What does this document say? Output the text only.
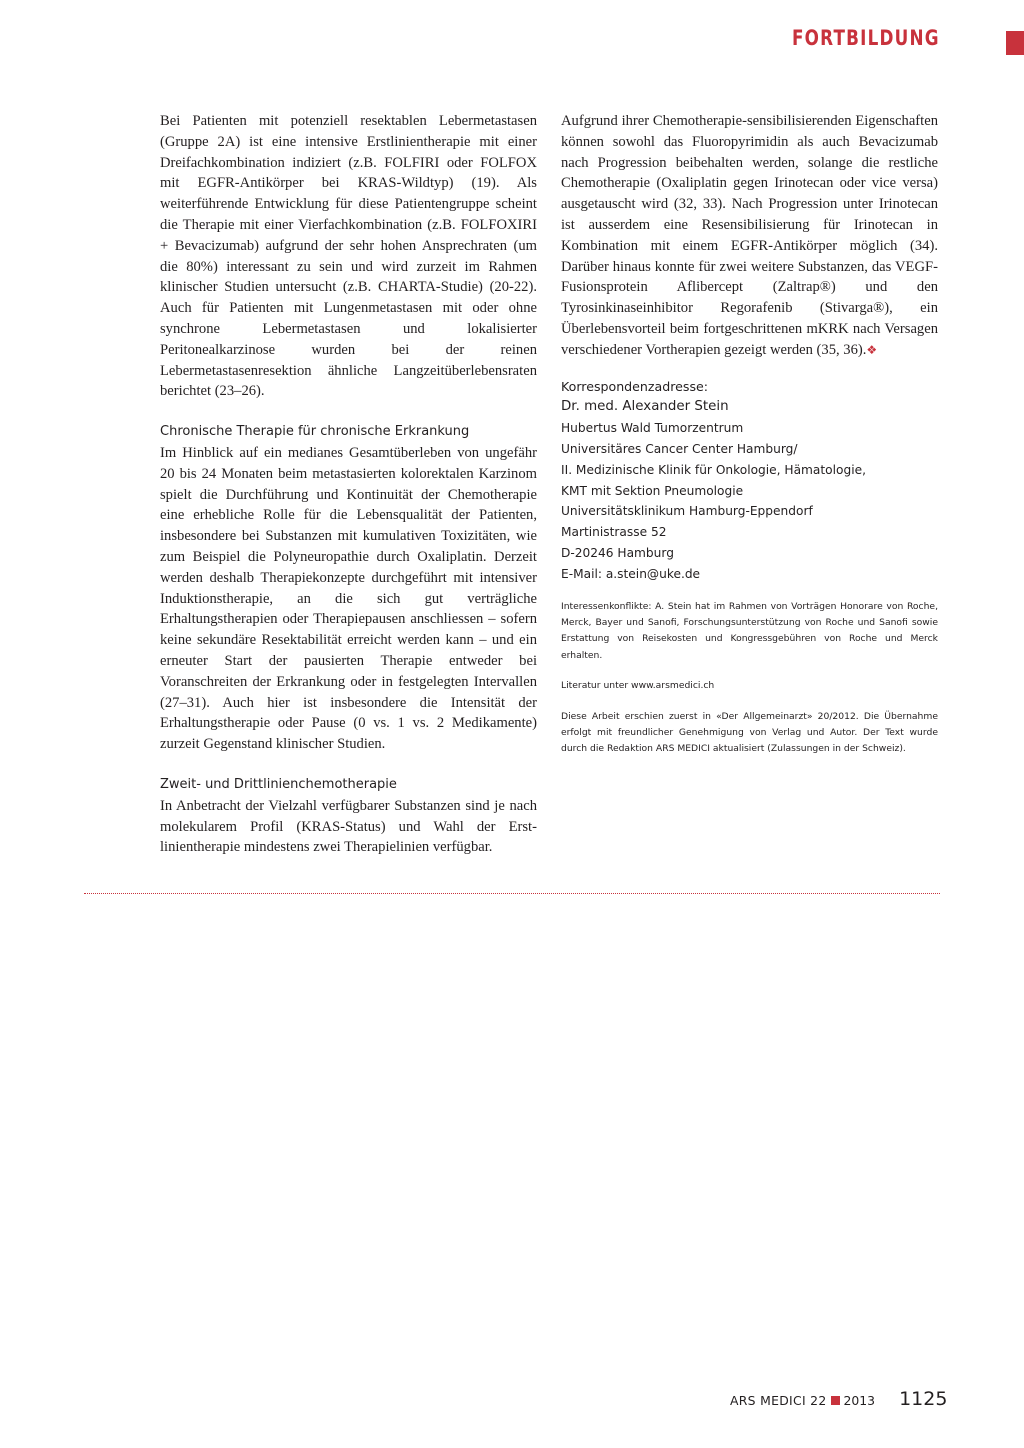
FORTBILDUNG

Bei Patienten mit potenziell resektablen Lebermetastasen (Gruppe 2A) ist eine intensive Erstlinientherapie mit einer Dreifachkombination indiziert (z.B. FOLFIRI oder FOLFOX mit EGFR-Antikörper bei KRAS-Wildtyp) (19). Als weiterführende Entwicklung für diese Patientengruppe scheint die Therapie mit einer Vierfachkombination (z.B. FOLFOXIRI + Bevacizumab) aufgrund der sehr hohen Ansprechraten (um die 80%) interessant zu sein und wird zurzeit im Rahmen klinischer Studien untersucht (z.B. CHARTA-Studie) (20-22). Auch für Patienten mit Lungenmetastasen mit oder ohne synchrone Lebermetastasen und lokalisierter Peritonealkarzinose wurden bei der reinen Lebermetastasenresektion ähnliche Langzeitüberlebensraten berichtet (23–26).

Chronische Therapie für chronische Erkrankung

Im Hinblick auf ein medianes Gesamtüberleben von ungefähr 20 bis 24 Monaten beim metastasierten kolorektalen Karzinom spielt die Durchführung und Kontinuität der Chemotherapie eine erhebliche Rolle für die Lebensqualität der Patienten, insbesondere bei Substanzen mit kumulativen Toxizitäten, wie zum Beispiel die Polyneuropathie durch Oxaliplatin. Derzeit werden deshalb Therapiekonzepte durchgeführt mit intensiver Induktionstherapie, an die sich gut verträgliche Erhaltungstherapien oder Therapiepausen anschliessen – sofern keine sekundäre Resektabilität erreicht werden kann – und ein erneuter Start der pausierten Therapie entweder bei Voranschreiten der Erkrankung oder in festgelegten Intervallen (27–31). Auch hier ist insbesondere die Intensität der Erhaltungstherapie oder Pause (0 vs. 1 vs. 2 Medikamente) zurzeit Gegenstand klinischer Studien.

Zweit- und Drittlinienchemotherapie

In Anbetracht der Vielzahl verfügbarer Substanzen sind je nach molekularem Profil (KRAS-Status) und Wahl der Erstlinientherapie mindestens zwei Therapielinien verfügbar.

Aufgrund ihrer Chemotherapie-sensibilisierenden Eigenschaften können sowohl das Fluoropyrimidin als auch Bevacizumab nach Progression beibehalten werden, solange die restliche Chemotherapie (Oxaliplatin gegen Irinotecan oder vice versa) ausgetauscht wird (32, 33). Nach Progression unter Irinotecan ist ausserdem eine Resensibilisierung für Irinotecan in Kombination mit einem EGFR-Antikörper möglich (34). Darüber hinaus konnte für zwei weitere Substanzen, das VEGF-Fusionsprotein Aflibercept (Zaltrap®) und den Tyrosinkinaseinhibitor Regorafenib (Stivarga®), ein Überlebensvorteil beim fortgeschrittenen mKRK nach Versagen verschiedener Vortherapien gezeigt werden (35, 36).❖

Korrespondenzadresse:

Dr. med. Alexander Stein

Hubertus Wald Tumorzentrum

Universitäres Cancer Center Hamburg/

II. Medizinische Klinik für Onkologie, Hämatologie,

KMT mit Sektion Pneumologie

Universitätsklinikum Hamburg-Eppendorf

Martinistrasse 52

D-20246 Hamburg

E-Mail: a.stein@uke.de

Interessenkonflikte: A. Stein hat im Rahmen von Vorträgen Honorare von Roche, Merck, Bayer und Sanofi, Forschungsunterstützung von Roche und Sanofi sowie Erstattung von Reisekosten und Kongressgebühren von Roche und Merck erhalten.

Literatur unter www.arsmedici.ch

Diese Arbeit erschien zuerst in «Der Allgemeinarzt» 20/2012. Die Übernahme erfolgt mit freundlicher Genehmigung von Verlag und Autor. Der Text wurde durch die Redaktion ARS MEDICI aktualisiert (Zulassungen in der Schweiz).

ARS MEDICI 22 2013 1125
